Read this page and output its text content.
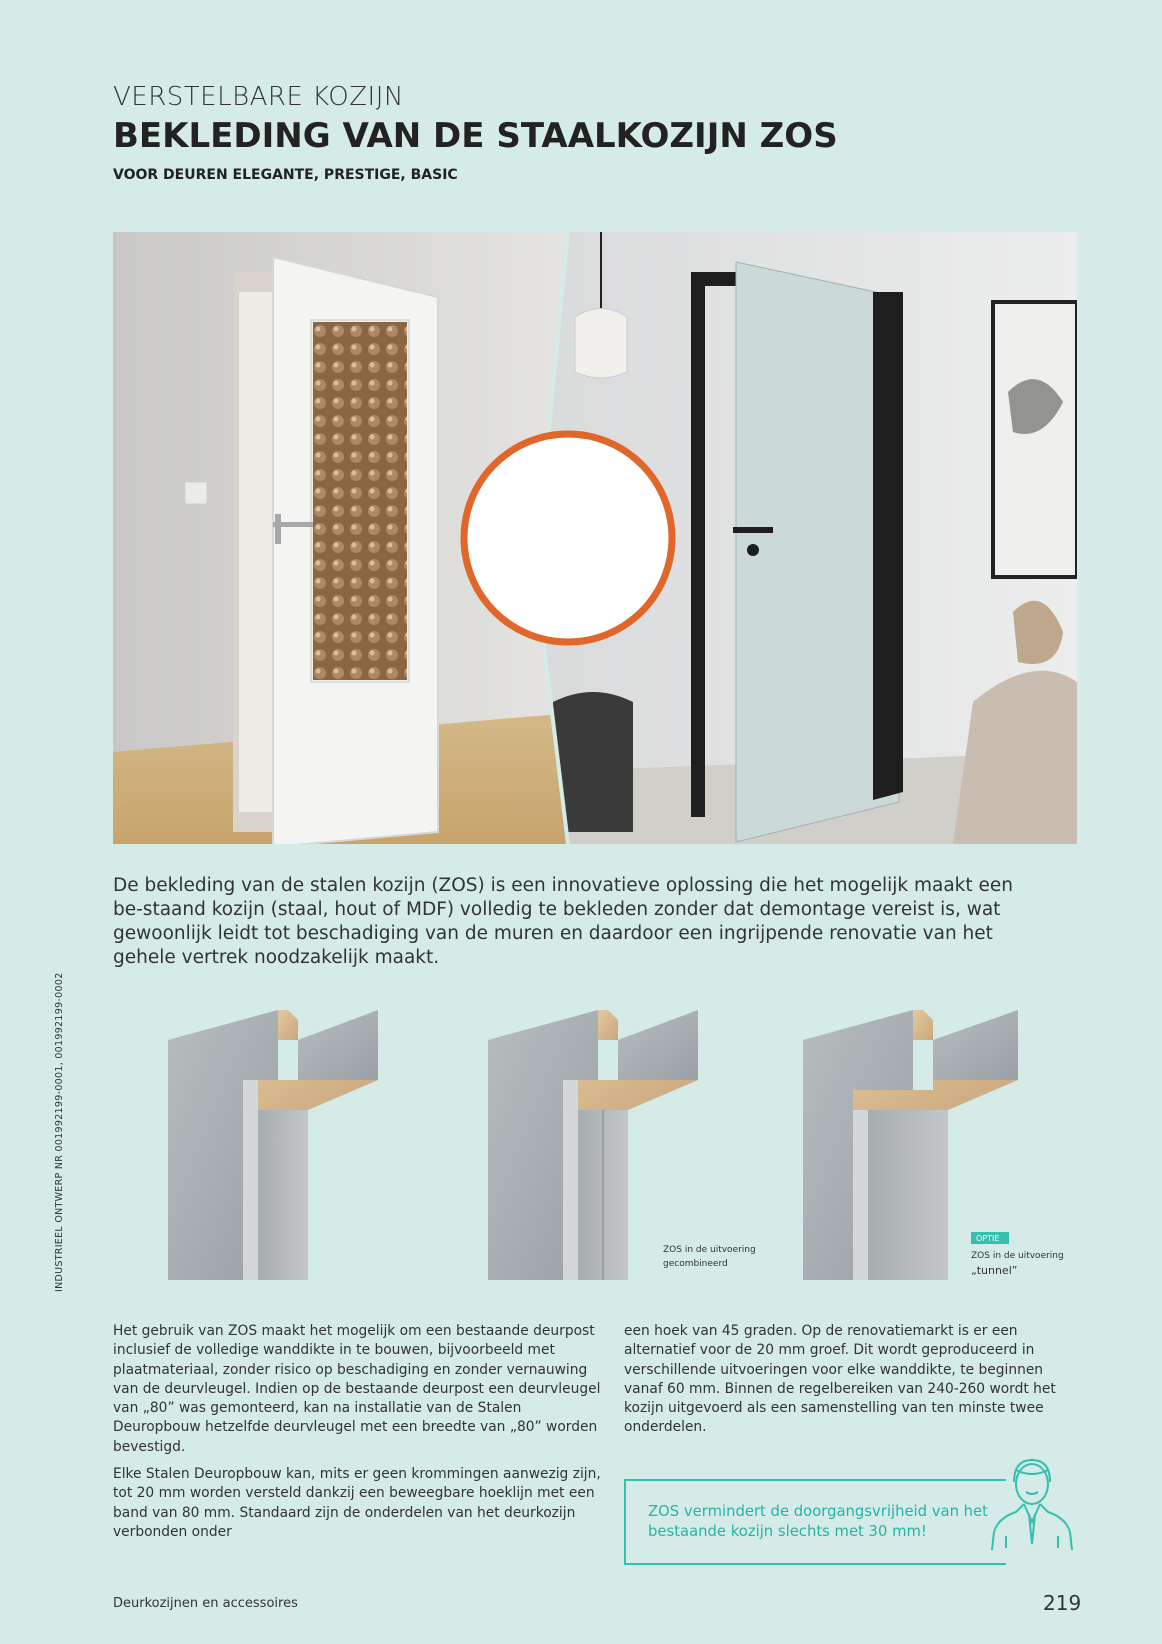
VERSTELBARE KOZIJN
BEKLEDING VAN DE STAALKOZIJN ZOS
VOOR DEUREN ELEGANTE, PRESTIGE, BASIC
De bekleding van de stalen kozijn (ZOS) is een innovatieve oplossing die het mogelijk maakt een be-staand kozijn (staal, hout of MDF) volledig te bekleden zonder dat demontage vereist is, wat gewoonlijk leidt tot beschadiging van de muren en daardoor een ingrijpende renovatie van het gehele vertrek noodzakelijk maakt.
INDUSTRIEEL ONTWERP NR 001992199-0001, 001992199-0002	ZOS in de uitvoering
gecombineerd
OPTIE
ZOS in de uitvoering
„tunnel”

Het gebruik van ZOS maakt het mogelijk om een bestaande deurpost inclusief de volledige wanddikte in te bouwen, bijvoorbeeld met plaatmateriaal, zonder risico op beschadiging en zonder vernauwing van de deurvleugel. Indien op de bestaande deurpost een deurvleugel van „80” was gemonteerd, kan na installatie van de Stalen Deuropbouw hetzelfde deurvleugel met een breedte van „80” worden bevestigd.

Elke Stalen Deuropbouw kan, mits er geen krommingen aanwezig zijn, tot 20 mm worden versteld dankzij een beweegbare hoeklijn met een band van 80 mm. Standaard zijn de onderdelen van het deurkozijn verbonden onder

een hoek van 45 graden. Op de renovatiemarkt is er een alternatief voor de 20 mm groef. Dit wordt geproduceerd in verschillende uitvoeringen voor elke wanddikte, te beginnen vanaf 60 mm. Binnen de regelbereiken van 240-260 wordt het kozijn uitgevoerd als een samenstelling van ten minste twee onderdelen.

ZOS vermindert de doorgangsvrijheid van het bestaande kozijn slechts met 30 mm!
Deurkozijnen en accessoires	219
